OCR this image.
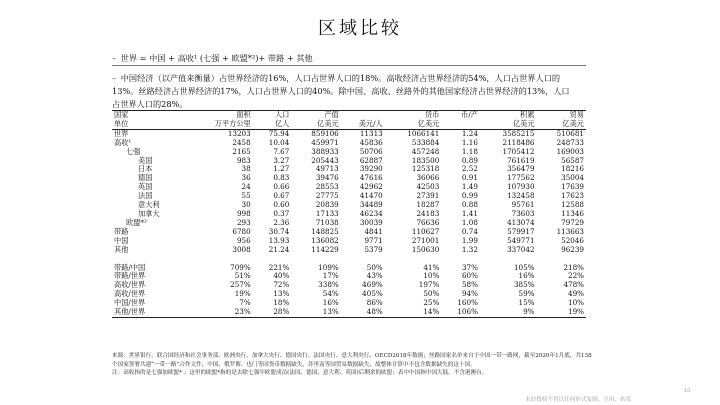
区域比较
– 世界 = 中国 + 高收¹ (七强 + 欧盟*²)+ 带路 + 其他
– 中国经济（以产值来衡量）占世界经济的16%，人口占世界人口的18%。高收经济占世界经济的54%，人口占世界人口的13%。丝路经济占世界经济的17%，人口占世界人口的40%。除中国、高收、丝路外的其他国家经济占世界经济的13%，人口占世界人口的28%。
国家	面积	人口	产值		货币	币/产	积累	贸易
单位	万平方公里	亿人	亿美元	美元/人	亿美元		亿美元	亿美元
世界	13203	75.94	859106	11313	1066141	1.24	3585215	510681
高收¹	2458	10.04	459971	45836	533884	1.16	2118486	248733
七强	2165	7.67	388933	50706	457248	1.18	1705412	169003
美国	983	3.27	205443	62887	183500	0.89	761619	56587
日本	38	1.27	49713	39290	125318	2.52	356479	18216
德国	36	0.83	39476	47616	36066	0.91	177562	35004
英国	24	0.66	28553	42962	42503	1.49	107930	17639
法国	55	0.67	27775	41470	27391	0.99	132458	17623
意大利	30	0.60	20839	34489	18287	0.88	95761	12588
加拿大	998	0.37	17133	46234	24183	1.41	73603	11346
欧盟*²	293	2.36	71038	30039	76636	1.08	413074	79729
带路	6780	30.74	148825	4841	110627	0.74	579917	113663
中国	956	13.93	136082	9771	271001	1.99	549771	52046
其他	3008	21.24	114229	5379	150630	1.32	337042	96239

带路/中国	709%	221%	109%	50%	41%	37%	105%	218%
带路/世界	51%	40%	17%	43%	10%	60%	16%	22%
高收/世界	257%	72%	338%	469%	197%	58%	385%	478%
高收/世界	19%	13%	54%	405%	50%	94%	59%	49%
中国/世界	7%	18%	16%	86%	25%	160%	15%	10%
其他/世界	23%	28%	13%	48%	14%	106%	9%	19%
来源：世界银行、联合国经济和社会事务部、欧洲央行、加拿大央行、德国央行、法国央行、意大利央行、OECD2018年数据；丝路国家名单来自于中国一带一路网，截至2020年1月底，共138个国家签署共建“一带一路”合作文件，中国、俄罗斯、也门等国货币数据缺失，苏里南等国贸易数据缺失，故整体计算中不包含数据缺失的这十国。
注：高收指的是七强加欧盟* ；这里的欧盟*指的是去除七强中欧盟成员(法国、德国、意大利、英国)后剩余的欧盟；表中中国指中国大陆，不含港澳台。
10
未经授权不得以任何形式复制、引用、转发
